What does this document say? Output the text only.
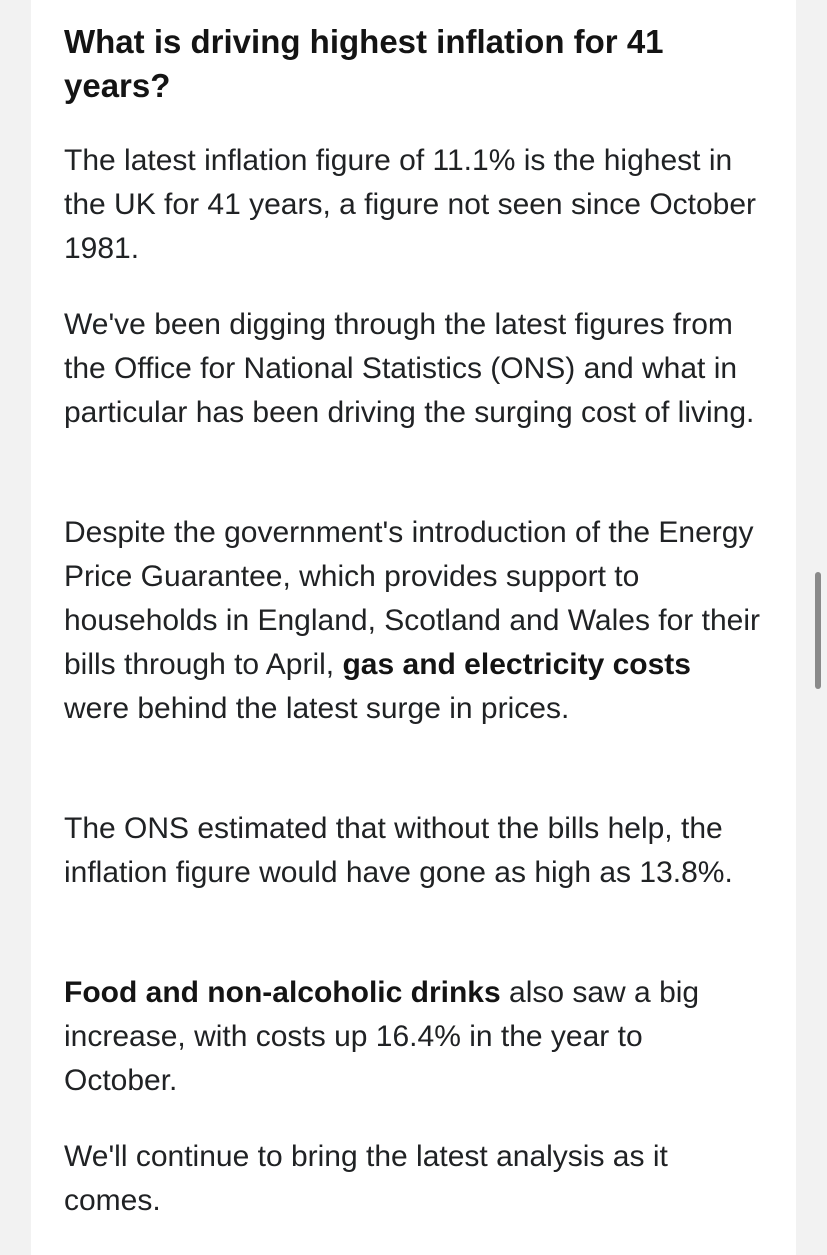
What is driving highest inflation for 41 years?

The latest inflation figure of 11.1% is the highest in the UK for 41 years, a figure not seen since October 1981.

We've been digging through the latest figures from the Office for National Statistics (ONS) and what in particular has been driving the surging cost of living.

Despite the government's introduction of the Energy Price Guarantee, which provides support to households in England, Scotland and Wales for their bills through to April, gas and electricity costs were behind the latest surge in prices.

The ONS estimated that without the bills help, the inflation figure would have gone as high as 13.8%.

Food and non-alcoholic drinks also saw a big increase, with costs up 16.4% in the year to October.

We'll continue to bring the latest analysis as it comes.
